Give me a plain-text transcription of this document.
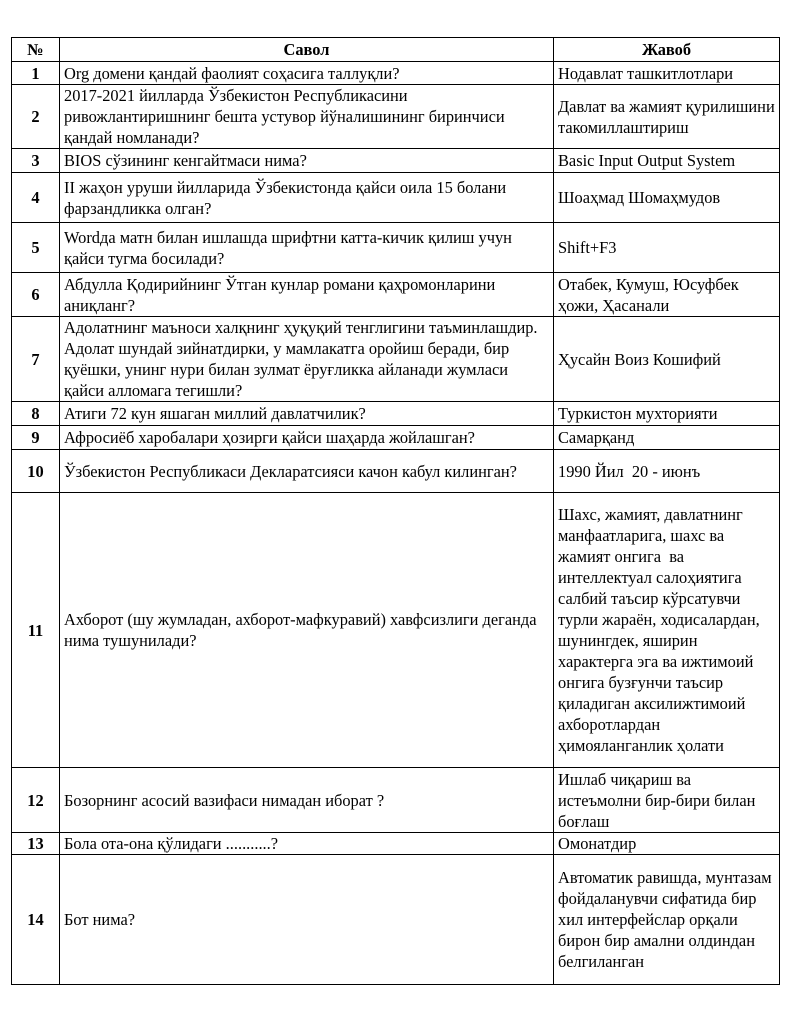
№	Савол	Жавоб
1	Org домени қандай фаолият соҳасига таллуқли?	Нодавлат ташкитлотлари
2	2017-2021 йилларда Ўзбекистон Республикасини ривожлантиришнинг бешта устувор йўналишининг биринчиси қандай номланади?	Давлат ва жамият қурилишини такомиллаштириш
3	BIOS сўзининг кенгайтмаси нима?	Basic Input Output System
4	II жаҳон уруши йилларида Ўзбекистонда қайси оила 15 болани фарзандликка олган?	Шоаҳмад Шомаҳмудов
5	Wordда матн билан ишлашда шрифтни катта-кичик қилиш учун қайси тугма босилади?	Shift+F3
6	Абдулла Қодирийнинг Ўтган кунлар романи қаҳромонларини аниқланг?	Отабек, Кумуш, Юсуфбек ҳожи, Ҳасанали
7	Адолатнинг маъноси халқнинг ҳуқуқий тенглигини таъминлашдир. Адолат шундай зийнатдирки, у мамлакатга оройиш беради, бир қуёшки, унинг нури билан зулмат ёруғликка айланади жумласи қайси алломага тегишли?	Ҳусайн Воиз Кошифий
8	Атиги 72 кун яшаган миллий давлатчилик?	Туркистон мухторияти
9	Афросиёб харобалари ҳозирги қайси шаҳарда жойлашган?	Самарқанд
10	Ўзбекистон Республикаси Декларатсияси качон кабул килинган?	1990 Йил  20 - июнъ
11	Ахборот (шу жумладан, ахборот-мафкуравий) хавфсизлиги деганда нима тушунилади?	Шахс, жамият, давлатнинг манфаатларига, шахс ва жамият онгига  ва интеллектуал салоҳиятига салбий таъсир кўрсатувчи турли жараён, ходисалардан, шунингдек, яширин характерга эга ва ижтимоий онгига бузғунчи таъсир қиладиган аксилижтимоий ахборотлардан ҳимояланганлик ҳолати
12	Бозорнинг асосий вазифаси нимадан иборат ?	Ишлаб чиқариш ва истеъмолни бир-бири билан боғлаш
13	Бола ота-она қўлидаги ...........?	Омонатдир
14	Бот нима?	Автоматик равишда, мунтазам фойдаланувчи сифатида бир хил интерфейслар орқали бирон бир амални олдиндан белгиланган
